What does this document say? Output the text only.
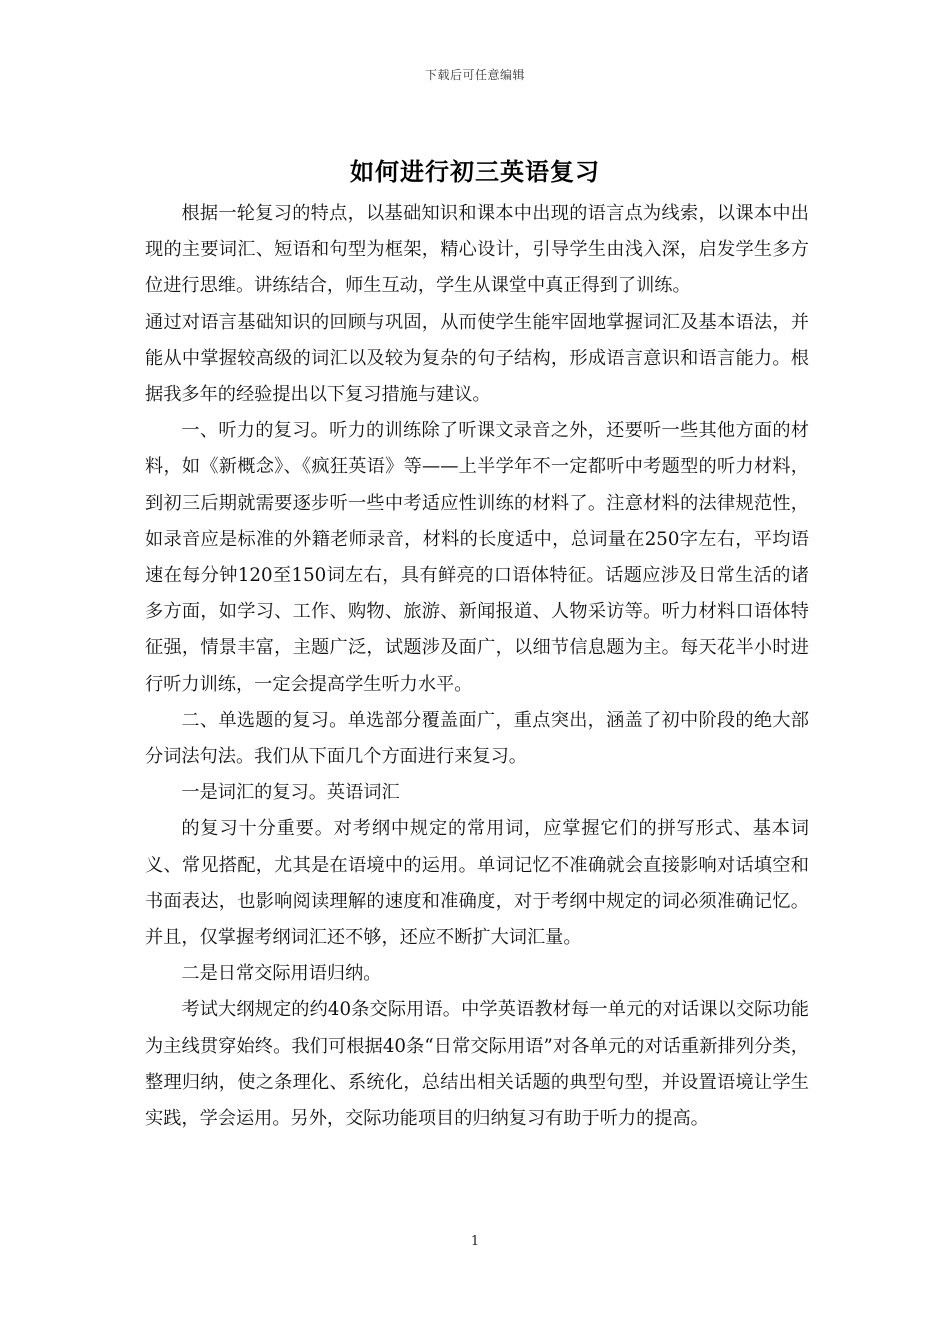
下载后可任意编辑
如何进行初三英语复习

根据一轮复习的特点，以基础知识和课本中出现的语言点为线索，以课本中出现的主要词汇、短语和句型为框架，精心设计，引导学生由浅入深，启发学生多方位进行思维。讲练结合，师生互动，学生从课堂中真正得到了训练。

通过对语言基础知识的回顾与巩固，从而使学生能牢固地掌握词汇及基本语法，并能从中掌握较高级的词汇以及较为复杂的句子结构，形成语言意识和语言能力。根据我多年的经验提出以下复习措施与建议。

一、听力的复习。听力的训练除了听课文录音之外，还要听一些其他方面的材料，如《新概念》、《疯狂英语》等——上半学年不一定都听中考题型的听力材料，到初三后期就需要逐步听一些中考适应性训练的材料了。注意材料的法律规范性，如录音应是标准的外籍老师录音，材料的长度适中，总词量在250字左右，平均语速在每分钟120至150词左右，具有鲜亮的口语体特征。话题应涉及日常生活的诸多方面，如学习、工作、购物、旅游、新闻报道、人物采访等。听力材料口语体特征强，情景丰富，主题广泛，试题涉及面广，以细节信息题为主。每天花半小时进行听力训练，一定会提高学生听力水平。

二、单选题的复习。单选部分覆盖面广，重点突出，涵盖了初中阶段的绝大部分词法句法。我们从下面几个方面进行来复习。

一是词汇的复习。英语词汇

的复习十分重要。对考纲中规定的常用词，应掌握它们的拼写形式、基本词义、常见搭配，尤其是在语境中的运用。单词记忆不准确就会直接影响对话填空和书面表达，也影响阅读理解的速度和准确度，对于考纲中规定的词必须准确记忆。并且，仅掌握考纲词汇还不够，还应不断扩大词汇量。

二是日常交际用语归纳。

考试大纲规定的约40条交际用语。中学英语教材每一单元的对话课以交际功能为主线贯穿始终。我们可根据40条“日常交际用语”对各单元的对话重新排列分类，整理归纳，使之条理化、系统化，总结出相关话题的典型句型，并设置语境让学生实践，学会运用。另外，交际功能项目的归纳复习有助于听力的提高。

1
